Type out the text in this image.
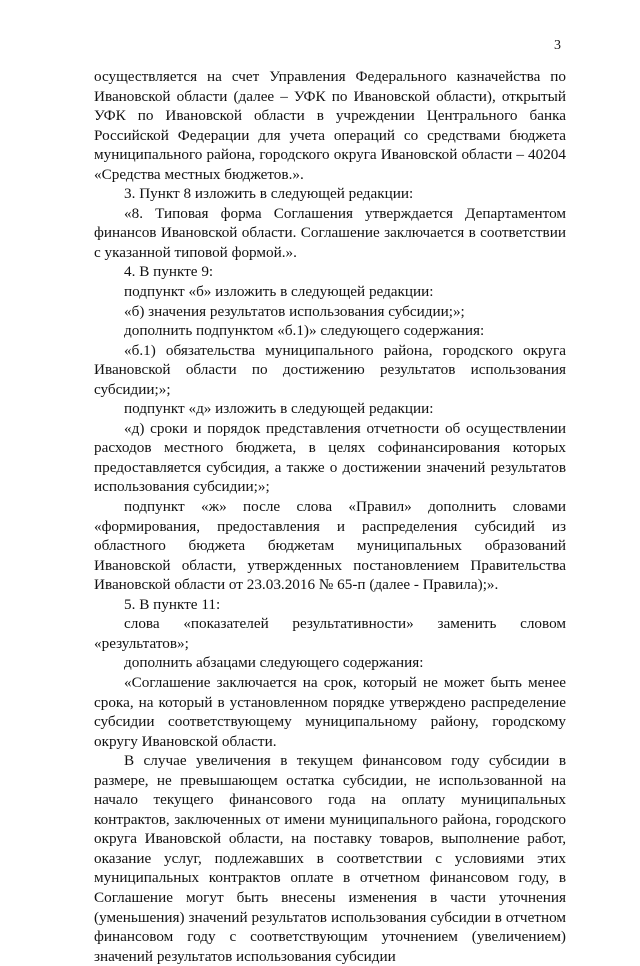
3

осуществляется на счет Управления Федерального казначейства по Ивановской области (далее – УФК по Ивановской области), открытый УФК по Ивановской области в учреждении Центрального банка Российской Федерации для учета операций со средствами бюджета муниципального района, городского округа Ивановской области – 40204 «Средства местных бюджетов.».

3. Пункт 8 изложить в следующей редакции:

«8. Типовая форма Соглашения утверждается Департаментом финансов Ивановской области. Соглашение заключается в соответствии с указанной типовой формой.».

4. В пункте 9:

подпункт «б» изложить в следующей редакции:

«б) значения результатов использования субсидии;»;

дополнить подпунктом «б.1)» следующего содержания:

«б.1) обязательства муниципального района, городского округа Ивановской области по достижению результатов использования субсидии;»;

подпункт «д» изложить в следующей редакции:

«д) сроки и порядок представления отчетности об осуществлении расходов местного бюджета, в целях софинансирования которых предоставляется субсидия, а также о достижении значений результатов использования субсидии;»;

подпункт «ж» после слова «Правил» дополнить словами «формирования, предоставления и распределения субсидий из областного бюджета бюджетам муниципальных образований Ивановской области, утвержденных постановлением Правительства Ивановской области от 23.03.2016 № 65-п (далее - Правила);».

5. В пункте 11:

слова «показателей результативности» заменить словом «результатов»;

дополнить абзацами следующего содержания:

«Соглашение заключается на срок, который не может быть менее срока, на который в установленном порядке утверждено распределение субсидии соответствующему муниципальному району, городскому округу Ивановской области.

В случае увеличения в текущем финансовом году субсидии в размере, не превышающем остатка субсидии, не использованной на начало текущего финансового года на оплату муниципальных контрактов, заключенных от имени муниципального района, городского округа Ивановской области, на поставку товаров, выполнение работ, оказание услуг, подлежавших в соответствии с условиями этих муниципальных контрактов оплате в отчетном финансовом году, в Соглашение могут быть внесены изменения в части уточнения (уменьшения) значений результатов использования субсидии в отчетном финансовом году с соответствующим уточнением (увеличением) значений результатов использования субсидии
